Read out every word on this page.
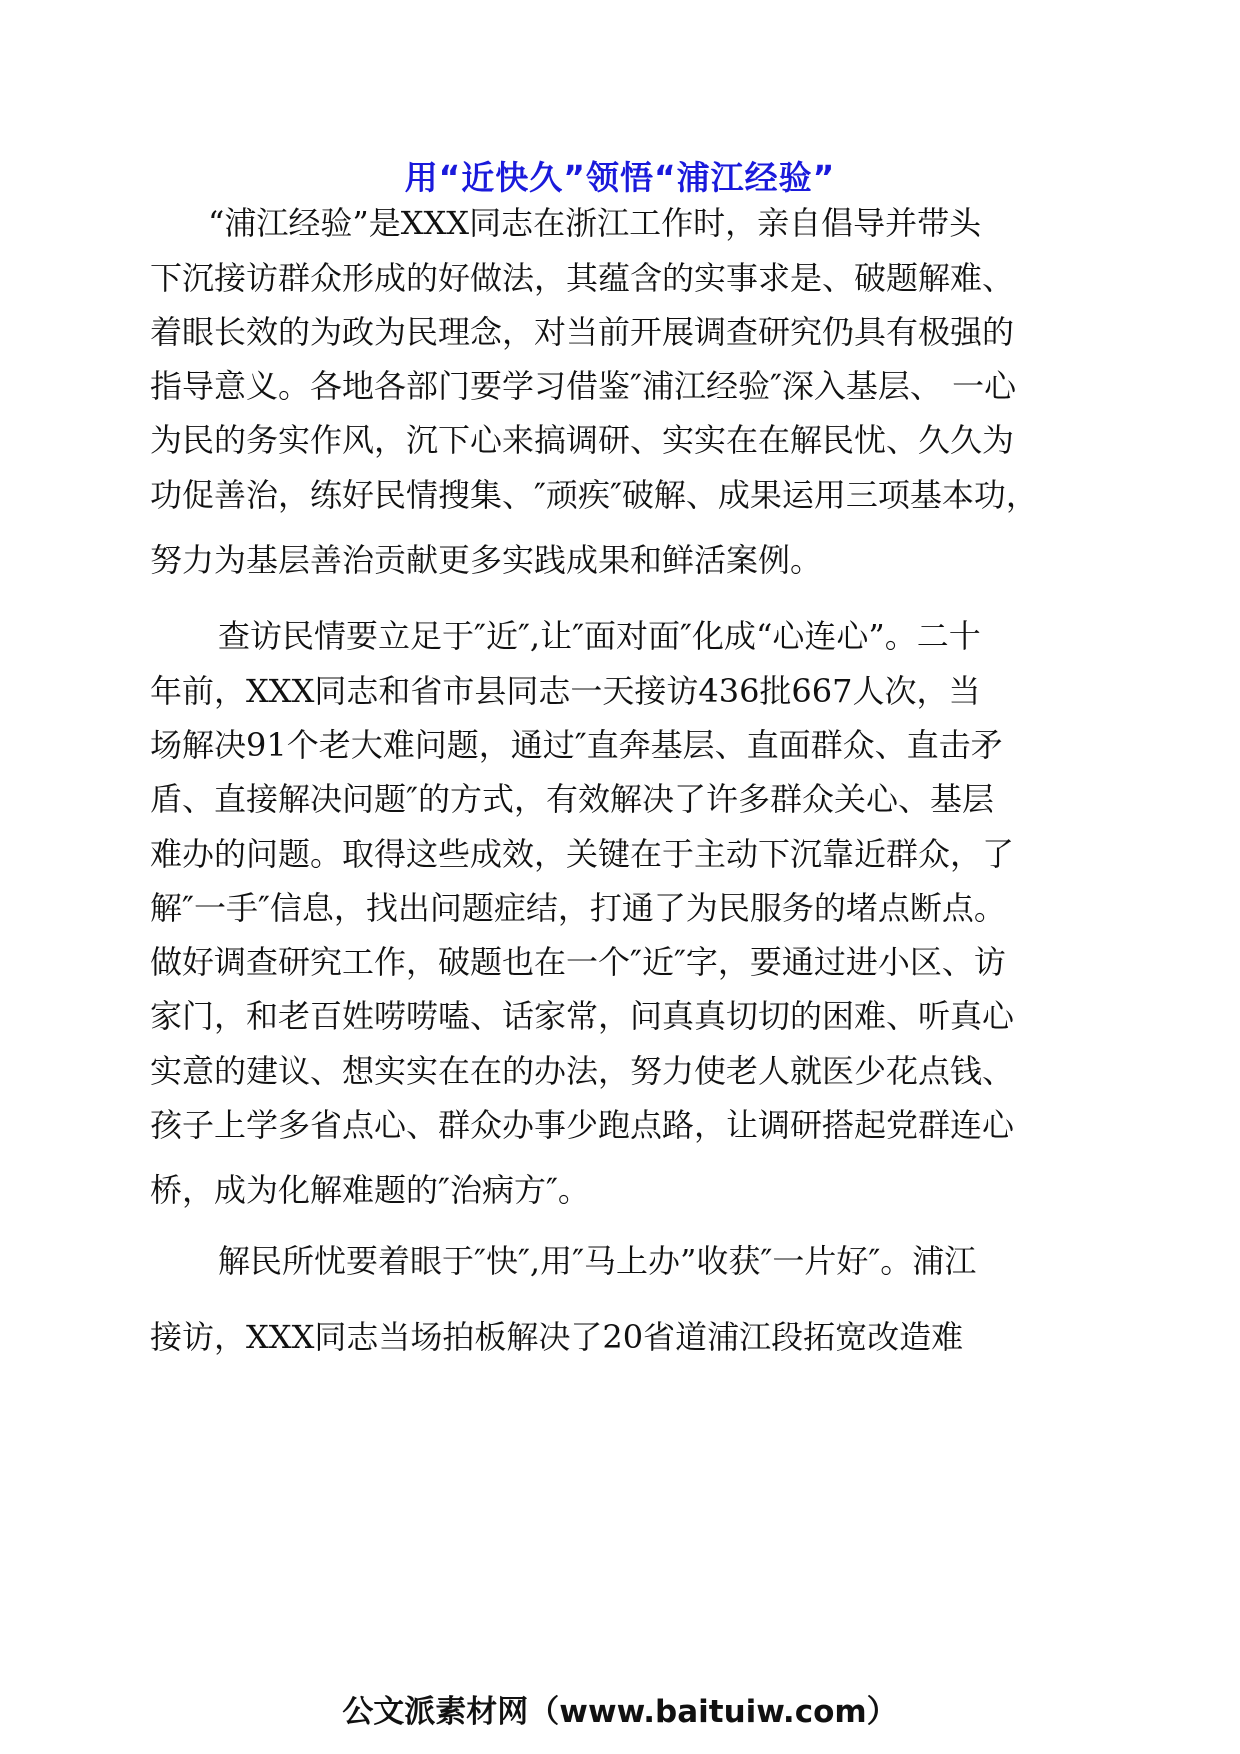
用“近快久”领悟“浦江经验”

“浦江经验”是XXX同志在浙江工作时，亲自倡导并带头

下沉接访群众形成的好做法，其蕴含的实事求是、破题解难、

着眼长效的为政为民理念，对当前开展调查研究仍具有极强的

指导意义。各地各部门要学习借鉴″浦江经验″深入基层、 一心

为民的务实作风，沉下心来搞调研、实实在在解民忧、久久为

功促善治，练好民情搜集、″顽疾″破解、成果运用三项基本功，

努力为基层善治贡献更多实践成果和鲜活案例。

查访民情要立足于″近″,让″面对面″化成“心连心”。二十

年前，XXX同志和省市县同志一天接访436批667人次，当

场解决91个老大难问题，通过″直奔基层、直面群众、直击矛

盾、直接解决问题″的方式，有效解决了许多群众关心、基层

难办的问题。取得这些成效，关键在于主动下沉靠近群众，了

解″一手″信息，找出问题症结，打通了为民服务的堵点断点。

做好调查研究工作，破题也在一个″近″字，要通过进小区、访

家门，和老百姓唠唠嗑、话家常，问真真切切的困难、听真心

实意的建议、想实实在在的办法，努力使老人就医少花点钱、

孩子上学多省点心、群众办事少跑点路，让调研搭起党群连心

桥，成为化解难题的″治病方″。

解民所忧要着眼于″快″,用″马上办”收获″一片好″。浦江

接访，XXX同志当场拍板解决了20省道浦江段拓宽改造难

公文派素材网（www.baituiw.com）
